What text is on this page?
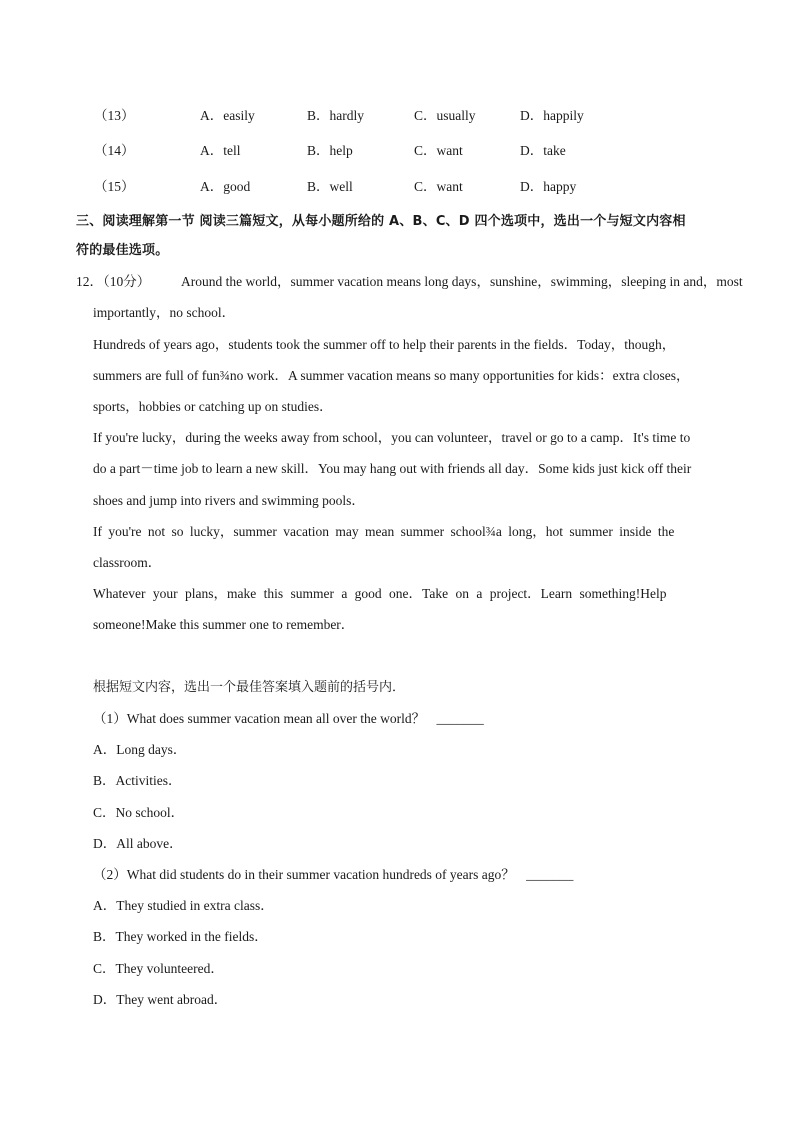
（13）	A．easily	B．hardly	C．usually	D．happily
（14）	A．tell	B．help	C．want	D．take
（15）	A．good	B．well	C．want	D．happy
三、阅读理解第一节 阅读三篇短文，从每小题所给的 A、B、C、D 四个选项中，选出一个与短文内容相
符的最佳选项。
12．（10分） Around the world，summer vacation means long days，sunshine，swimming，sleeping in and，most
importantly，no school．
Hundreds of years ago，students took the summer off to help their parents in the fields．Today，though，
summers are full of fun¾no work．A summer vacation means so many opportunities for kids：extra closes，
sports，hobbies or catching up on studies．
If you're lucky，during the weeks away from school，you can volunteer，travel or go to a camp．It's time to
do a part－time job to learn a new skill．You may hang out with friends all day．Some kids just kick off their
shoes and jump into rivers and swimming pools．
If you're not so lucky，summer vacation may mean summer school¾a long，hot summer inside the
classroom．
Whatever your plans，make this summer a good one．Take on a project．Learn something!Help
someone!Make this summer one to remember．
根据短文内容，选出一个最佳答案填入题前的括号内．
（1）What does summer vacation mean all over the world？ _______
A．Long days．
B．Activities．
C．No school．
D．All above．
（2）What did students do in their summer vacation hundreds of years ago？ _______
A．They studied in extra class．
B．They worked in the fields．
C．They volunteered．
D．They went abroad．
